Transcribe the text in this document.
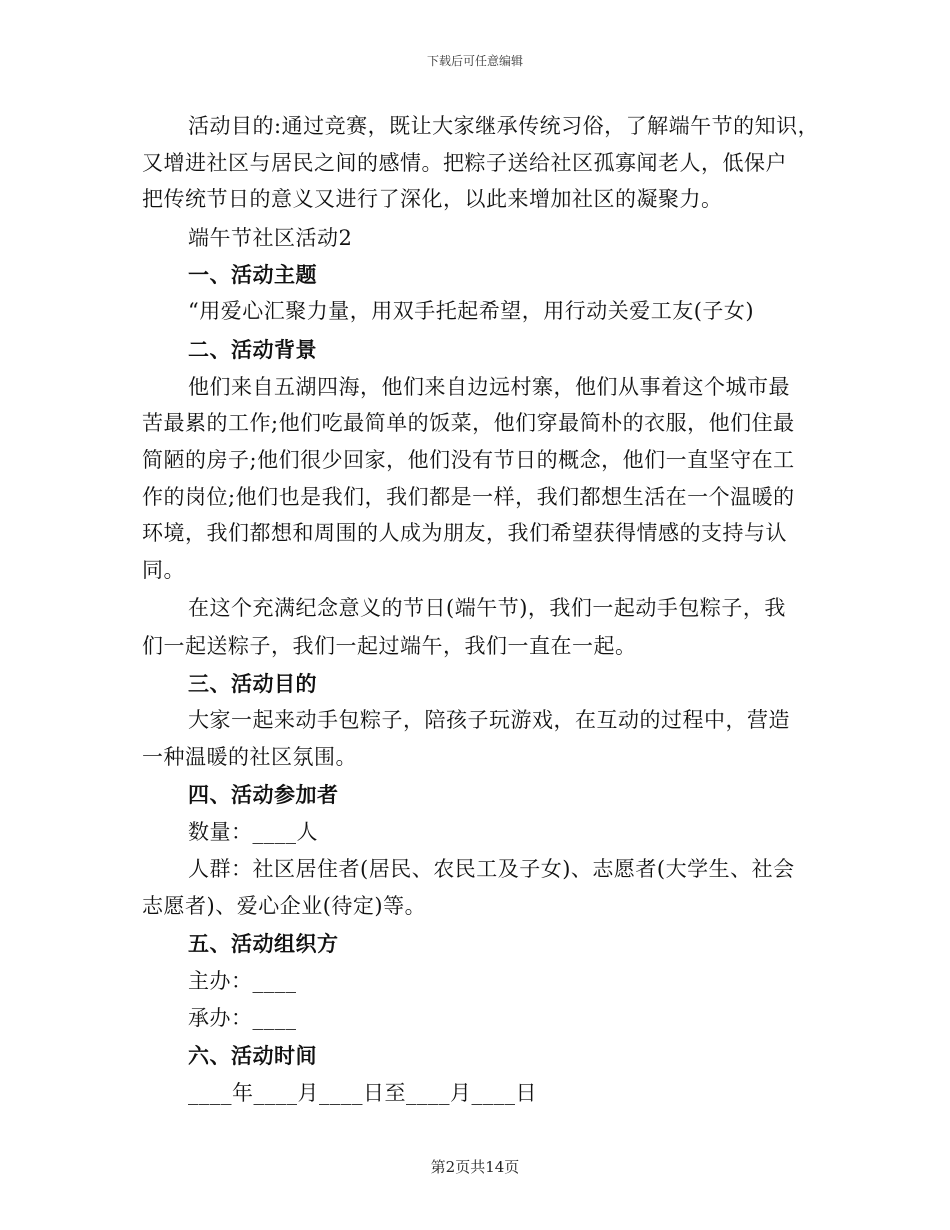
下载后可任意编辑
活动目的:通过竞赛，既让大家继承传统习俗，了解端午节的知识，
又增进社区与居民之间的感情。把粽子送给社区孤寡闻老人，低保户
把传统节日的意义又进行了深化，以此来增加社区的凝聚力。
端午节社区活动2
一、活动主题
“用爱心汇聚力量，用双手托起希望，用行动关爱工友(子女)
二、活动背景
他们来自五湖四海，他们来自边远村寨，他们从事着这个城市最
苦最累的工作;他们吃最简单的饭菜，他们穿最简朴的衣服，他们住最
简陋的房子;他们很少回家，他们没有节日的概念，他们一直坚守在工
作的岗位;他们也是我们，我们都是一样，我们都想生活在一个温暖的
环境，我们都想和周围的人成为朋友，我们希望获得情感的支持与认
同。
在这个充满纪念意义的节日(端午节)，我们一起动手包粽子，我
们一起送粽子，我们一起过端午，我们一直在一起。
三、活动目的
大家一起来动手包粽子，陪孩子玩游戏，在互动的过程中，营造
一种温暖的社区氛围。
四、活动参加者
数量：____人
人群：社区居住者(居民、农民工及子女)、志愿者(大学生、社会
志愿者)、爱心企业(待定)等。
五、活动组织方
主办：____
承办：____
六、活动时间
____年____月____日至____月____日
第2页共14页
